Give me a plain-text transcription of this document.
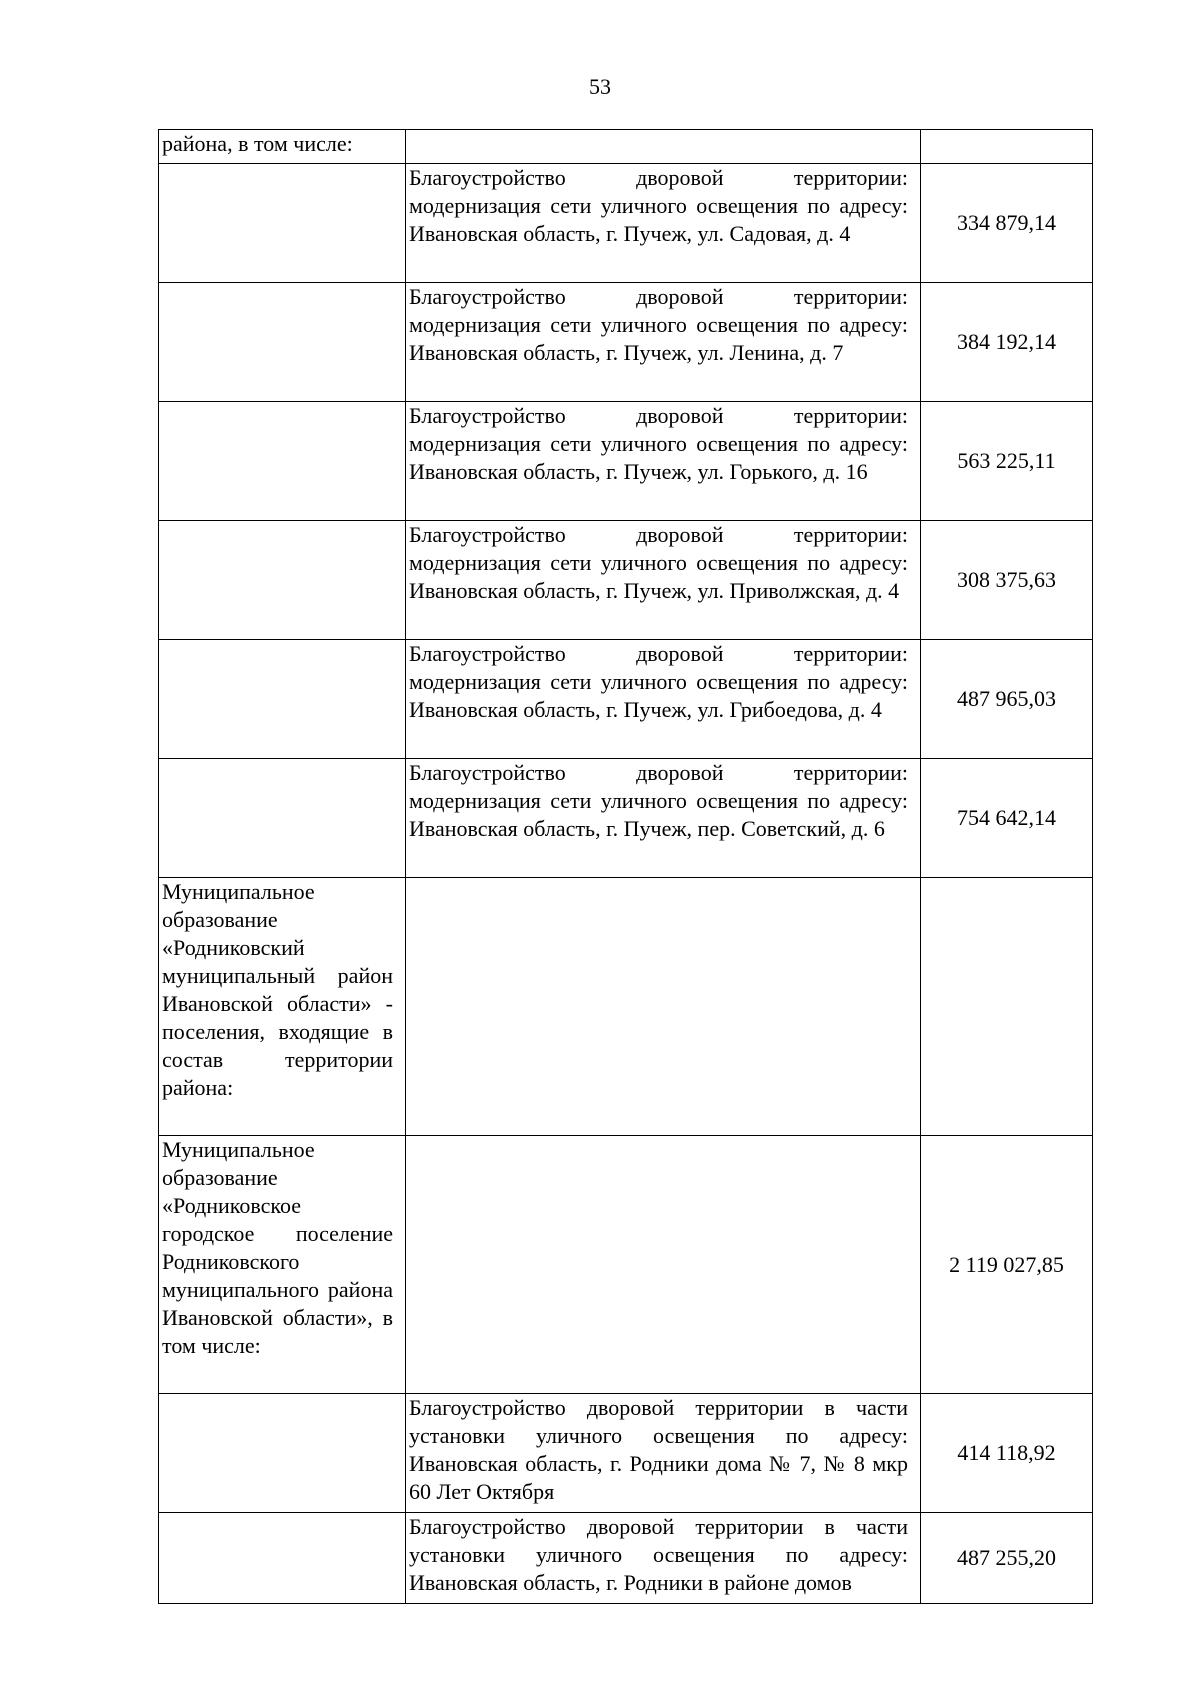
53
района, в том числе:		
	Благоустройство дворовой территории: модернизация сети уличного освещения по адресу: Ивановская область, г. Пучеж, ул. Садовая, д. 4	334 879,14
	Благоустройство дворовой территории: модернизация сети уличного освещения по адресу: Ивановская область, г. Пучеж, ул. Ленина, д. 7	384 192,14
	Благоустройство дворовой территории: модернизация сети уличного освещения по адресу: Ивановская область, г. Пучеж, ул. Горького, д. 16	563 225,11
	Благоустройство дворовой территории: модернизация сети уличного освещения по адресу: Ивановская область, г. Пучеж, ул. Приволжская, д. 4	308 375,63
	Благоустройство дворовой территории: модернизация сети уличного освещения по адресу: Ивановская область, г. Пучеж, ул. Грибоедова, д. 4	487 965,03
	Благоустройство дворовой территории: модернизация сети уличного освещения по адресу: Ивановская область, г. Пучеж, пер. Советский, д. 6	754 642,14
Муниципальное образование «Родниковский муниципальный район Ивановской области» - поселения, входящие в состав территории района:		
Муниципальное образование «Родниковское городское поселение Родниковского муниципального района Ивановской области», в том числе:		2 119 027,85
	Благоустройство дворовой территории в части установки уличного освещения по адресу: Ивановская область, г. Родники дома № 7, № 8 мкр 60 Лет Октября	414 118,92
	Благоустройство дворовой территории в части установки уличного освещения по адресу: Ивановская область, г. Родники в районе домов	487 255,20
